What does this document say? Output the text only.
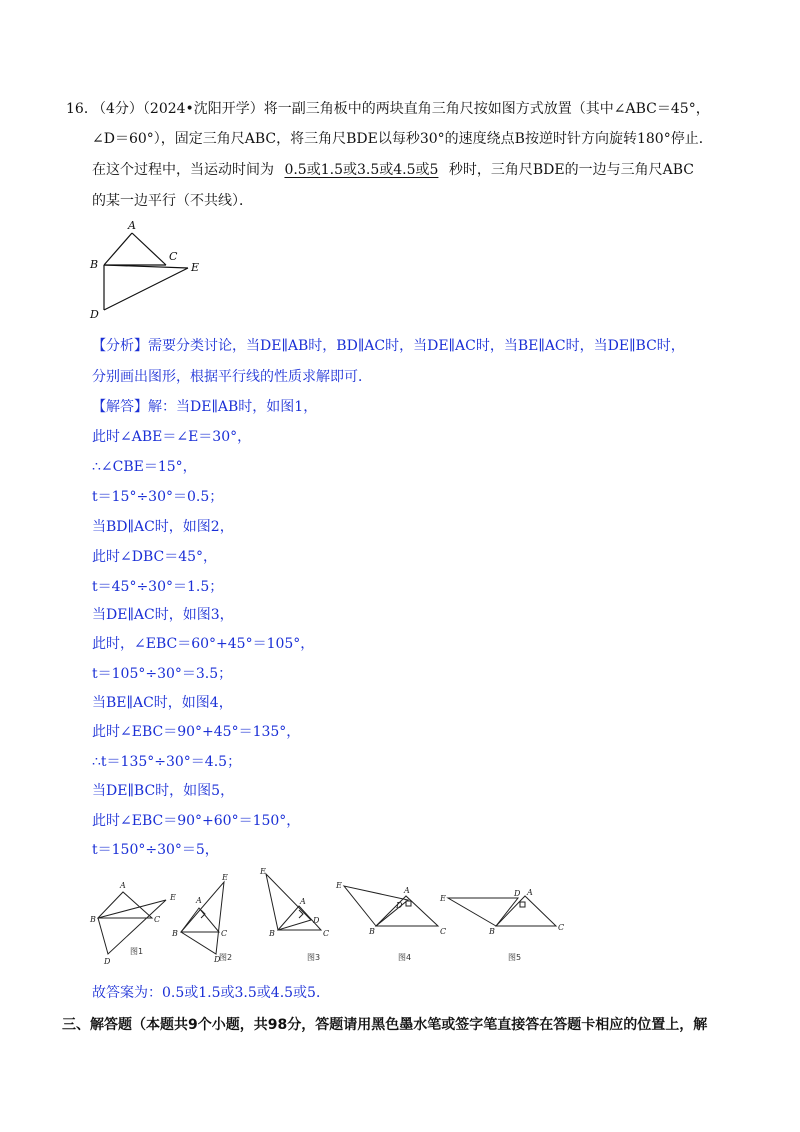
16．
（4分）（2024•沈阳开学）将一副三角板中的两块直角三角尺按如图方式放置（其中∠ABC＝45°，
∠D＝60°），固定三角尺ABC，将三角尺BDE以每秒30°的速度绕点B按逆时针方向旋转180°停止．
在这个过程中，当运动时间为 0.5或1.5或3.5或4.5或5 秒时，三角尺BDE的一边与三角尺ABC
的某一边平行（不共线）．
A
B
C
E
D
【分析】需要分类讨论，当DE∥AB时，BD∥AC时，当DE∥AC时，当BE∥AC时，当DE∥BC时，
分别画出图形，根据平行线的性质求解即可．
【解答】解：当DE∥AB时，如图1，
此时∠ABE＝∠E＝30°，
∴∠CBE＝15°，
t＝15°÷30°＝0.5；
当BD∥AC时，如图2，
此时∠DBC＝45°，
t＝45°÷30°＝1.5；
当DE∥AC时，如图3，
此时，∠EBC＝60°+45°＝105°，
t＝105°÷30°＝3.5；
当BE∥AC时，如图4，
此时∠EBC＝90°+45°＝135°，
∴t＝135°÷30°＝4.5；
当DE∥BC时，如图5，
此时∠EBC＝90°+60°＝150°，
t＝150°÷30°＝5，
A
B	C
E
D
A
B	C
E
D
A
B	C
E
D
A
B	C
E
D
A
B	C
E
D
图1
图2	图3	图4	图5
故答案为：0.5或1.5或3.5或4.5或5．
三、解答题（本题共9个小题，共98分，答题请用黑色墨水笔或签字笔直接答在答题卡相应的位置上，解
